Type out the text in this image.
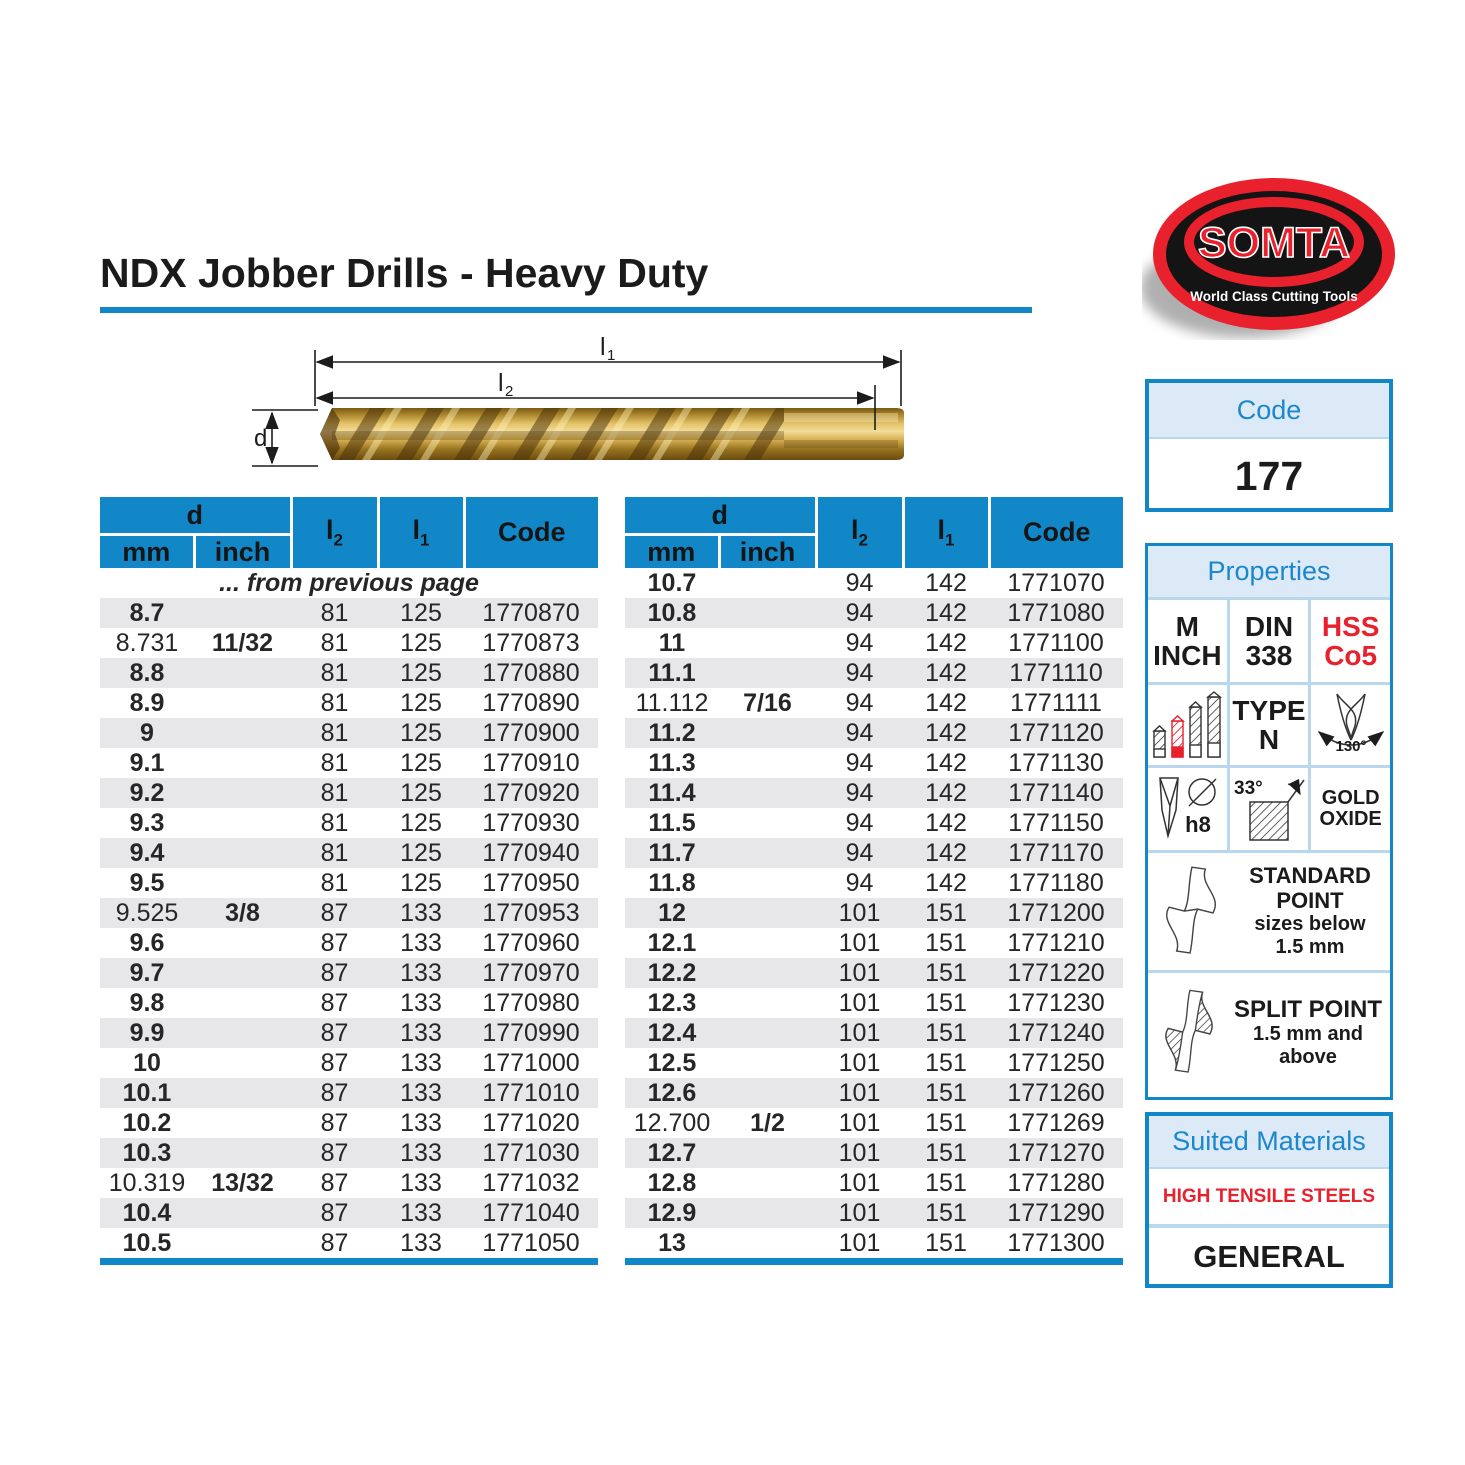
NDX Jobber Drills - Heavy Duty
SOMTA
World Class Cutting Tools
l 1
l 2
d
d		$l_2$	$l_1$	Code
mm	inch			
... from previous page				
8.7		81	125	1770870
8.731	11/32	81	125	1770873
8.8		81	125	1770880
8.9		81	125	1770890
9		81	125	1770900
9.1		81	125	1770910
9.2		81	125	1770920
9.3		81	125	1770930
9.4		81	125	1770940
9.5		81	125	1770950
9.525	3/8	87	133	1770953
9.6		87	133	1770960
9.7		87	133	1770970
9.8		87	133	1770980
9.9		87	133	1770990
10		87	133	1771000
10.1		87	133	1771010
10.2		87	133	1771020
10.3		87	133	1771030
10.319	13/32	87	133	1771032
10.4		87	133	1771040
10.5		87	133	1771050
d		$l_2$	$l_1$	Code
mm	inch			
10.7		94	142	1771070
10.8		94	142	1771080
11		94	142	1771100
11.1		94	142	1771110
11.112	7/16	94	142	1771111
11.2		94	142	1771120
11.3		94	142	1771130
11.4		94	142	1771140
11.5		94	142	1771150
11.7		94	142	1771170
11.8		94	142	1771180
12		101	151	1771200
12.1		101	151	1771210
12.2		101	151	1771220
12.3		101	151	1771230
12.4		101	151	1771240
12.5		101	151	1771250
12.6		101	151	1771260
12.700	1/2	101	151	1771269
12.7		101	151	1771270
12.8		101	151	1771280
12.9		101	151	1771290
13		101	151	1771300
Code
177
Properties
M
INCH
DIN
338
HSS
Co5
TYPE
N	130°
h8
33°	GOLD
OXIDE
STANDARD
POINT
sizes below
1.5 mm
SPLIT POINT
1.5 mm and
above
Suited Materials
HIGH TENSILE STEELS
GENERAL
